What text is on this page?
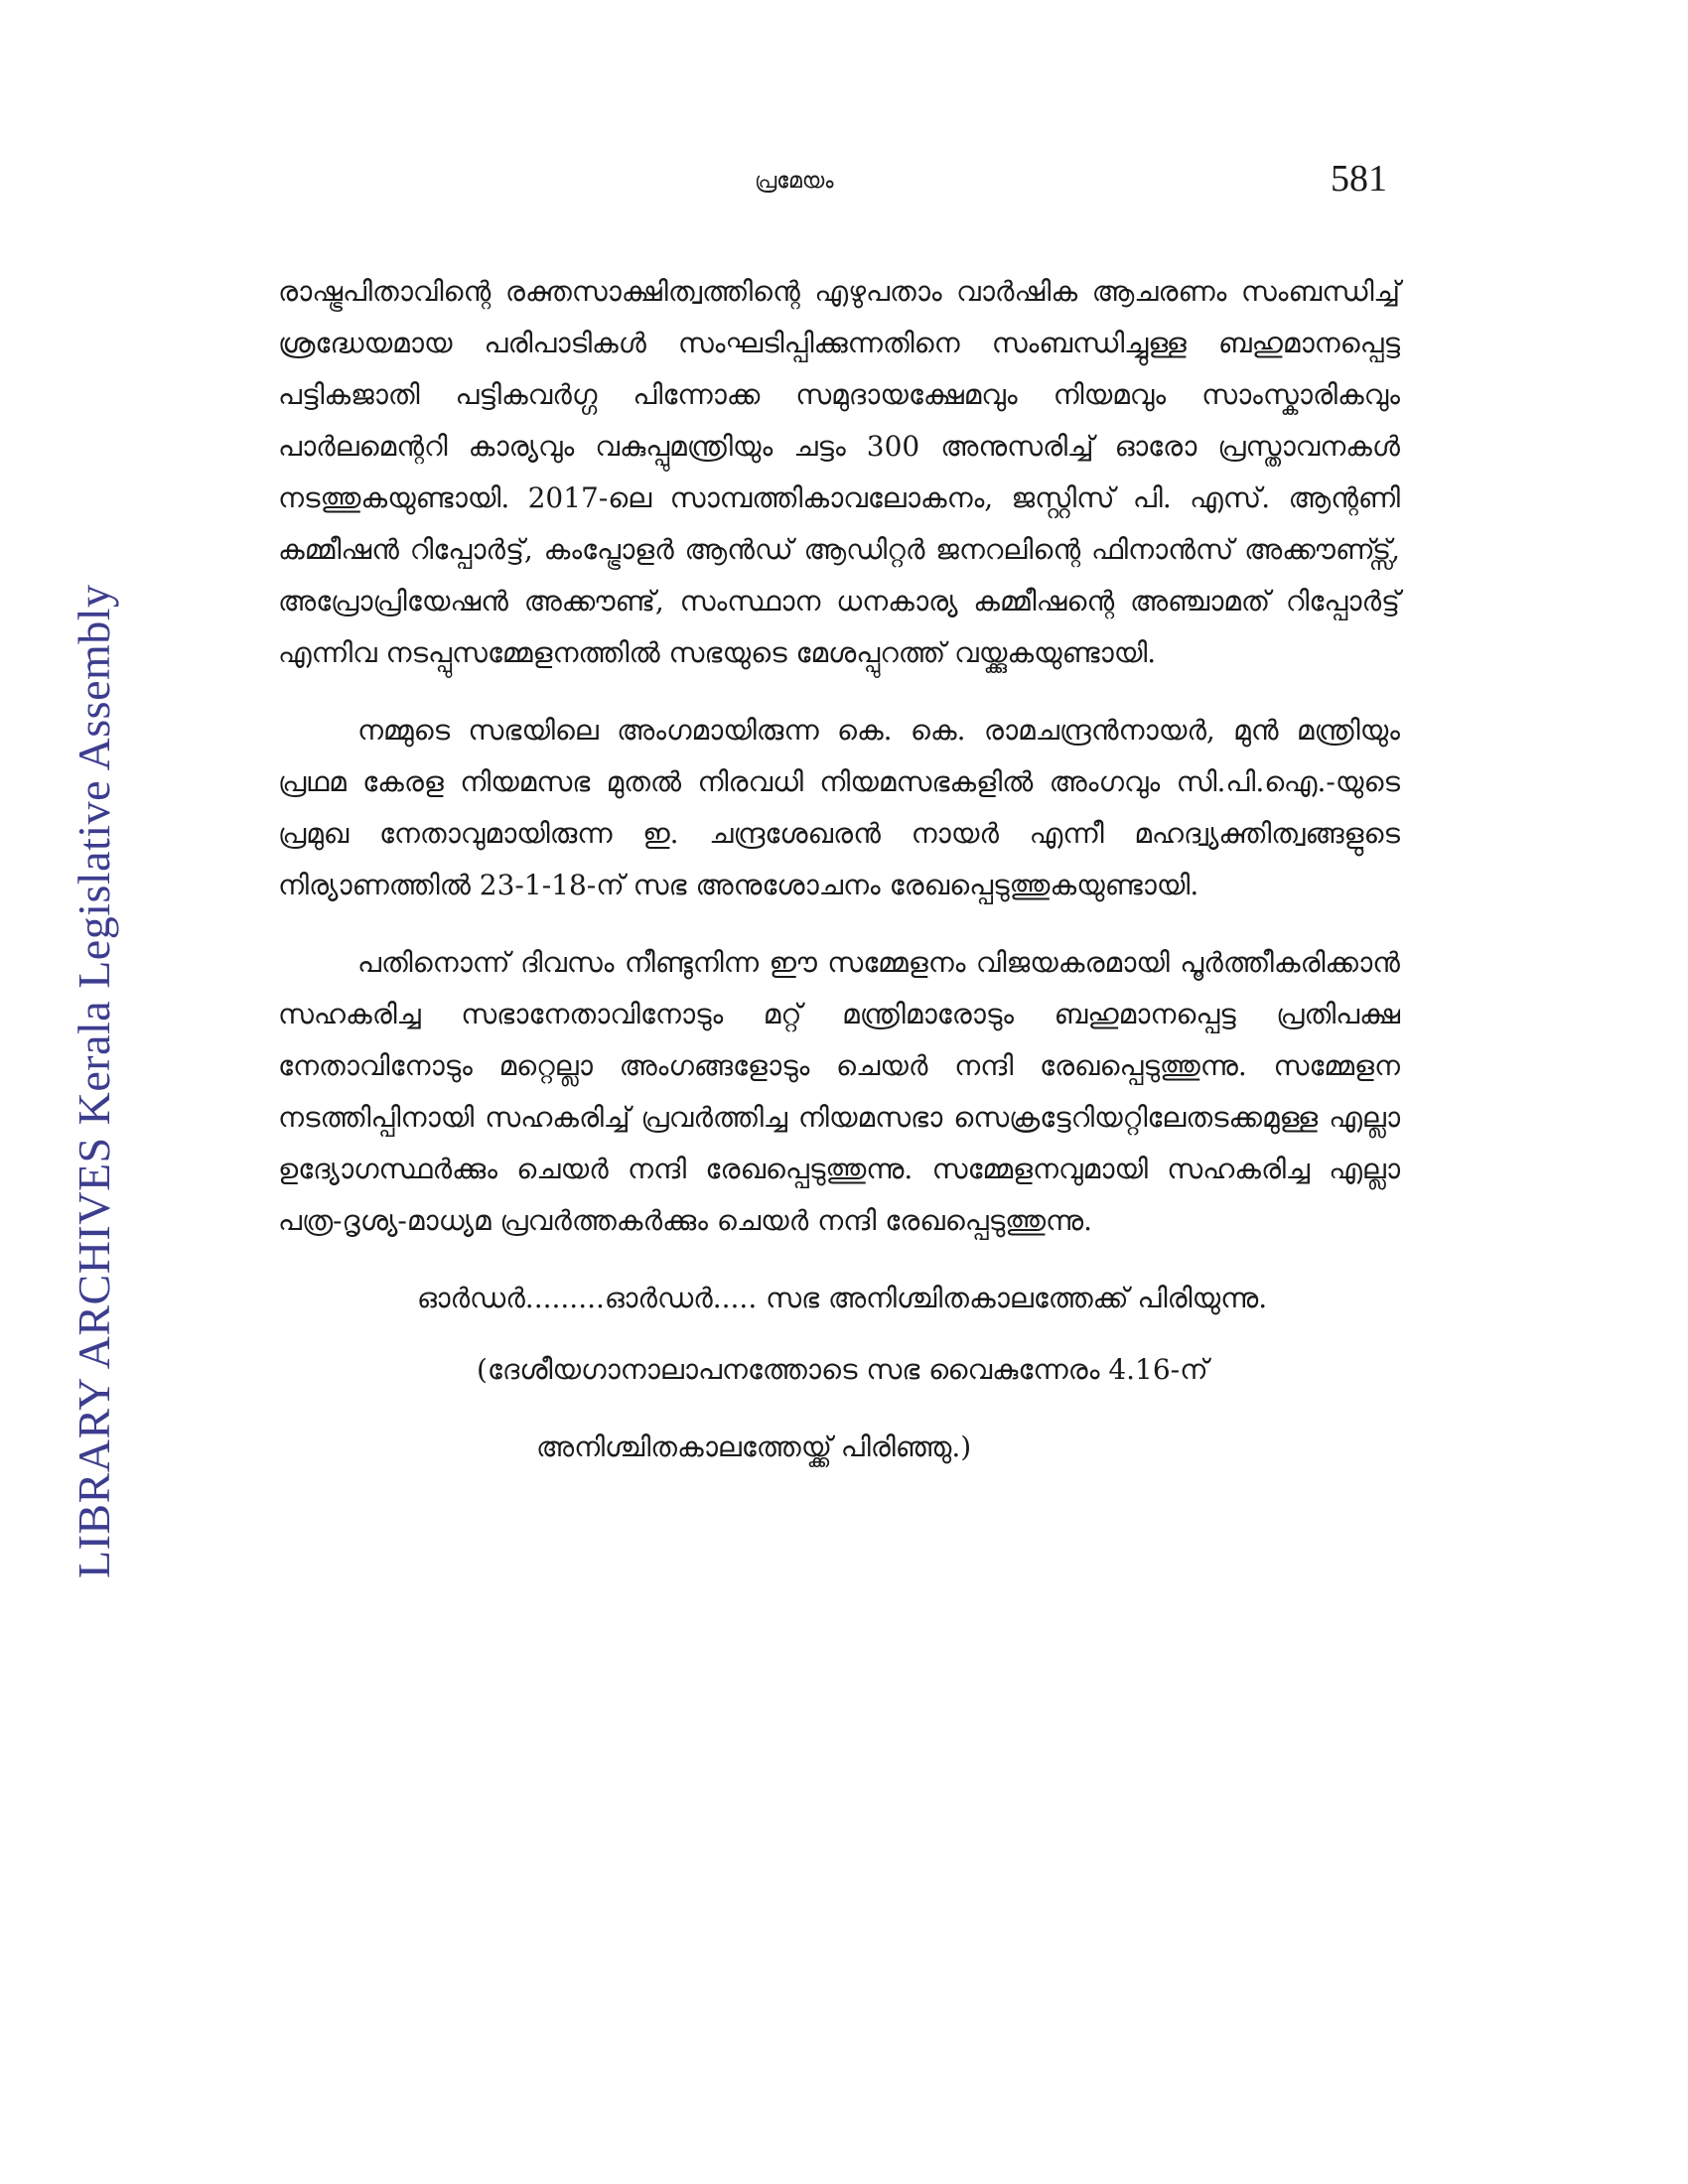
LIBRARY ARCHIVES Kerala Legislative Assembly
പ്രമേയം	581

രാഷ്ട്രപിതാവിന്റെ രക്തസാക്ഷിത്വത്തിന്റെ എഴുപതാം വാർഷിക ആചരണം സംബന്ധിച്ച് ശ്രദ്ധേയമായ പരിപാടികൾ സംഘടിപ്പിക്കുന്നതിനെ സംബന്ധിച്ചുള്ള ബഹുമാനപ്പെട്ട പട്ടികജാതി പട്ടികവർഗ്ഗ പിന്നോക്ക സമുദായക്ഷേമവും നിയമവും സാംസ്കാരികവും പാർലമെന്ററി കാര്യവും വകുപ്പുമന്ത്രിയും ചട്ടം 300 അനുസരിച്ച് ഓരോ പ്രസ്താവനകൾ നടത്തുകയുണ്ടായി. 2017-ലെ സാമ്പത്തികാവലോകനം, ജസ്റ്റിസ് പി. എസ്. ആന്റണി കമ്മീഷൻ റിപ്പോർട്ട്, കംപ്ട്രോളർ ആൻഡ് ആഡിറ്റർ ജനറലിന്റെ ഫിനാൻസ് അക്കൗണ്ട്സ്, അപ്രോപ്രിയേഷൻ അക്കൗണ്ട്, സംസ്ഥാന ധനകാര്യ കമ്മീഷന്റെ അഞ്ചാമത് റിപ്പോർട്ട് എന്നിവ നടപ്പുസമ്മേളനത്തിൽ സഭയുടെ മേശപ്പുറത്ത് വയ്ക്കുകയുണ്ടായി.

നമ്മുടെ സഭയിലെ അംഗമായിരുന്ന കെ. കെ. രാമചന്ദ്രൻനായർ, മുൻ മന്ത്രിയും പ്രഥമ കേരള നിയമസഭ മുതൽ നിരവധി നിയമസഭകളിൽ അംഗവും സി.പി.ഐ.-യുടെ പ്രമുഖ നേതാവുമായിരുന്ന ഇ. ചന്ദ്രശേഖരൻ നായർ എന്നീ മഹദ്വ്യക്തിത്വങ്ങളുടെ നിര്യാണത്തിൽ 23-1-18-ന് സഭ അനുശോചനം രേഖപ്പെടുത്തുകയുണ്ടായി.

പതിനൊന്ന് ദിവസം നീണ്ടുനിന്ന ഈ സമ്മേളനം വിജയകരമായി പൂർത്തീകരിക്കാൻ സഹകരിച്ച സഭാനേതാവിനോടും മറ്റ് മന്ത്രിമാരോടും ബഹുമാനപ്പെട്ട പ്രതിപക്ഷ നേതാവിനോടും മറ്റെല്ലാ അംഗങ്ങളോടും ചെയർ നന്ദി രേഖപ്പെടുത്തുന്നു. സമ്മേളന നടത്തിപ്പിനായി സഹകരിച്ച് പ്രവർത്തിച്ച നിയമസഭാ സെക്രട്ടേറിയറ്റിലേതടക്കമുള്ള എല്ലാ ഉദ്യോഗസ്ഥർക്കും ചെയർ നന്ദി രേഖപ്പെടുത്തുന്നു. സമ്മേളനവുമായി സഹകരിച്ച എല്ലാ പത്ര-ദൃശ്യ-മാധ്യമ പ്രവർത്തകർക്കും ചെയർ നന്ദി രേഖപ്പെടുത്തുന്നു.

ഓർഡർ.........ഓർഡർ..... സഭ അനിശ്ചിതകാലത്തേക്ക് പിരിയുന്നു.

(ദേശീയഗാനാലാപനത്തോടെ സഭ വൈകുന്നേരം 4.16-ന്

അനിശ്ചിതകാലത്തേയ്ക്ക് പിരിഞ്ഞു.)
